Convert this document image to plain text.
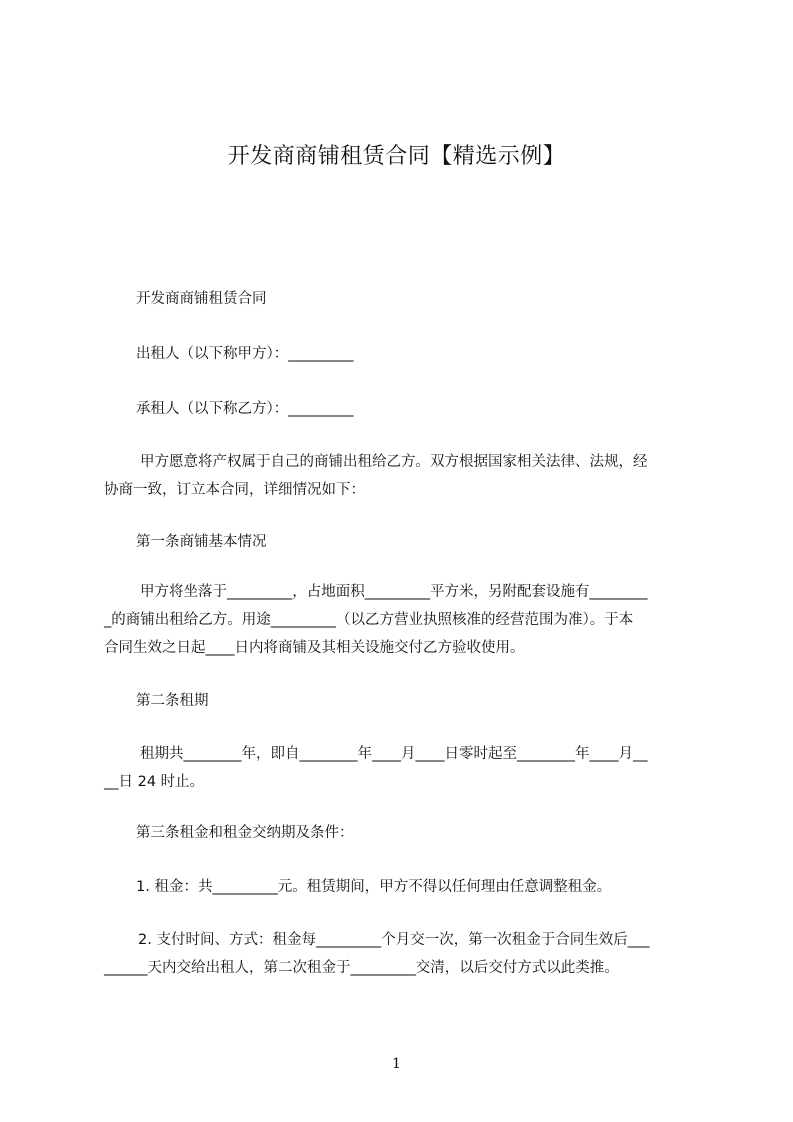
开发商商铺租赁合同【精选示例】
开发商商铺租赁合同
出租人（以下称甲方）：_________
承租人（以下称乙方）：_________
甲方愿意将产权属于自己的商铺出租给乙方。双方根据国家相关法律、法规，经
协商一致，订立本合同，详细情况如下：
第一条商铺基本情况
甲方将坐落于_________，占地面积_________平方米，另附配套设施有________
_的商铺出租给乙方。用途_________（以乙方营业执照核准的经营范围为准）。于本
合同生效之日起____日内将商铺及其相关设施交付乙方验收使用。
第二条租期
租期共________年，即自________年____月____日零时起至________年____月__
__日 24 时止。
第三条租金和租金交纳期及条件：
1. 租金：共_________元。租赁期间，甲方不得以任何理由任意调整租金。
2. 支付时间、方式：租金每_________个月交一次，第一次租金于合同生效后___
______天内交给出租人，第二次租金于_________交清，以后交付方式以此类推。
1
